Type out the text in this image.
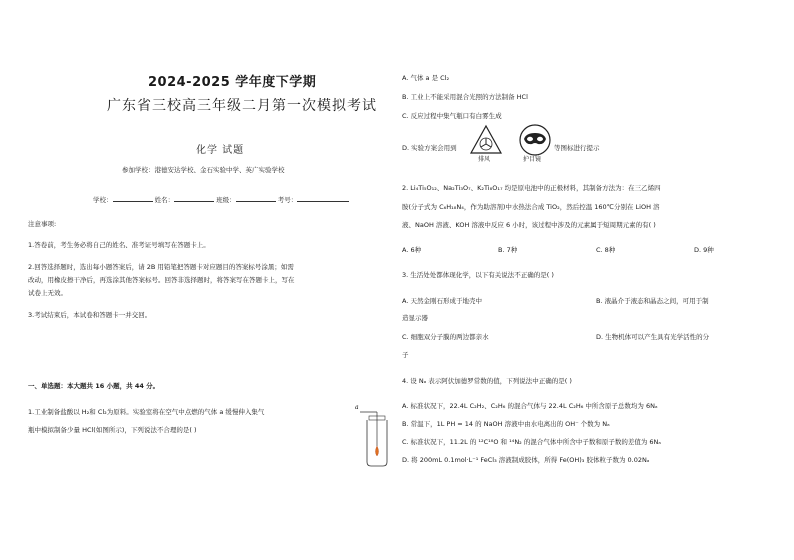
2024-2025 学年度下学期
广东省三校高三年级二月第一次模拟考试
化学 试题
参加学校：港德安达学校、金石实验中学、英广实验学校
学校：	姓名：	班级：	考号：
注意事项:
1.答卷前，考生务必将自己的姓名、准考证号填写在答题卡上。
2.回答选择题时，选出每小题答案后，请 2B 用铅笔把答题卡对应题目的答案标号涂黑；如需
改动，用橡皮擦干净后，再选涂其他答案标号。回答非选择题时，将答案写在答题卡上，写在
试卷上无效。
3.考试结束后，本试卷和答题卡一并交回。
一、单选题：本大题共 16 小题，共 44 分。
1.工业制备盐酸以 H₂和 Cl₂为原料。实验室将在空气中点燃的气体 a 缓慢伸入集气
瓶中模拟制备少量 HCl(如图所示)，下列说法不合理的是( )
a
A. 气体 a 是 Cl₂
B. 工业上不能采用混合光照的方法制备 HCl
C. 反应过程中集气瓶口有白雾生成
D. 实验方案会用到
排风	护目镜
等图标进行提示
2. Li₄Ti₅O₁₂、Na₂Ti₃O₇、K₂Ti₈O₁₇ 均是原电池中的正极材料，其制备方法为：在三乙烯四
胺(分子式为 C₆H₁₈N₄，作为助溶剂)中水热法合成 TiO₂，然后控温 160℃分别在 LiOH 溶
液、NaOH 溶液、KOH 溶液中反应 6 小时，该过程中涉及的元素属于短周期元素的有( )
A. 6种	B. 7种	C. 8种	D. 9种
3. 生活处处都体现化学，以下有关说法不正确的是( )
A. 天然金刚石形成于地壳中	B. 液晶介于液态和晶态之间，可用于制
造显示器
C. 细胞双分子膜的两边都亲水	D. 生物机体可以产生具有光学活性的分
子
4. 设 Nₐ 表示阿伏加德罗常数的值，下列说法中正确的是( )
A. 标准状况下，22.4L C₂H₂、C₂H₆ 的混合气体与 22.4L C₂H₆ 中所含原子总数均为 6Nₐ
B. 常温下，1L PH = 14 的 NaOH 溶液中由水电离出的 OH⁻ 个数为 Nₐ
C. 标准状况下，11.2L 的 ¹²C¹⁸O 和 ¹⁴N₂ 的混合气体中所含中子数和原子数的差值为 6Nₐ
D. 将 200mL 0.1mol·L⁻¹ FeCl₃ 溶液制成胶体，所得 Fe(OH)₃ 胶体粒子数为 0.02Nₐ
